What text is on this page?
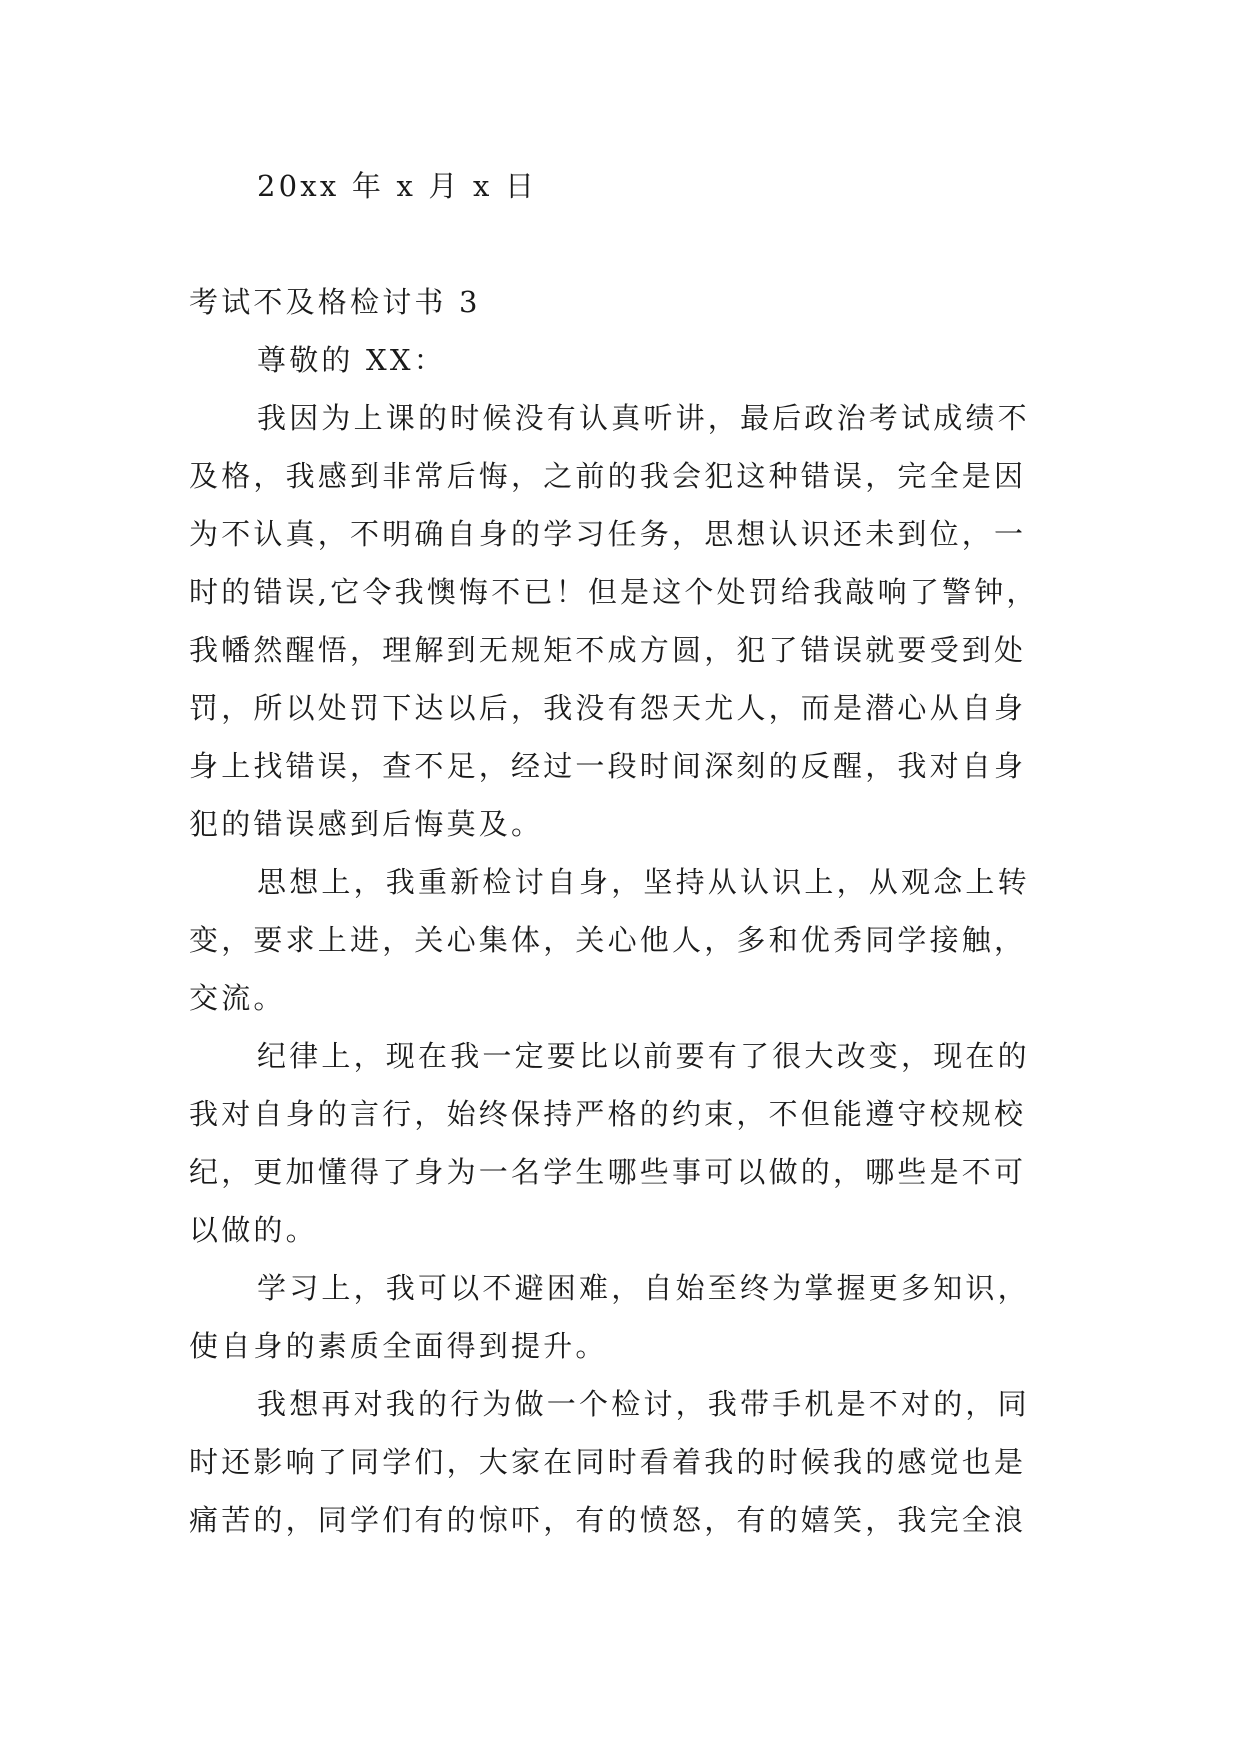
20xx 年 x 月 x 日
考试不及格检讨书 3
尊敬的 XX：
我因为上课的时候没有认真听讲，最后政治考试成绩不
及格，我感到非常后悔，之前的我会犯这种错误，完全是因
为不认真，不明确自身的学习任务，思想认识还未到位，一
时的错误,它令我懊悔不已！但是这个处罚给我敲响了警钟，
我幡然醒悟，理解到无规矩不成方圆，犯了错误就要受到处
罚，所以处罚下达以后，我没有怨天尤人，而是潜心从自身
身上找错误，查不足，经过一段时间深刻的反醒，我对自身
犯的错误感到后悔莫及。
思想上，我重新检讨自身，坚持从认识上，从观念上转
变，要求上进，关心集体，关心他人，多和优秀同学接触，
交流。
纪律上，现在我一定要比以前要有了很大改变，现在的
我对自身的言行，始终保持严格的约束，不但能遵守校规校
纪，更加懂得了身为一名学生哪些事可以做的，哪些是不可
以做的。
学习上，我可以不避困难，自始至终为掌握更多知识，
使自身的素质全面得到提升。
我想再对我的行为做一个检讨，我带手机是不对的，同
时还影响了同学们，大家在同时看着我的时候我的感觉也是
痛苦的，同学们有的惊吓，有的愤怒，有的嬉笑，我完全浪
